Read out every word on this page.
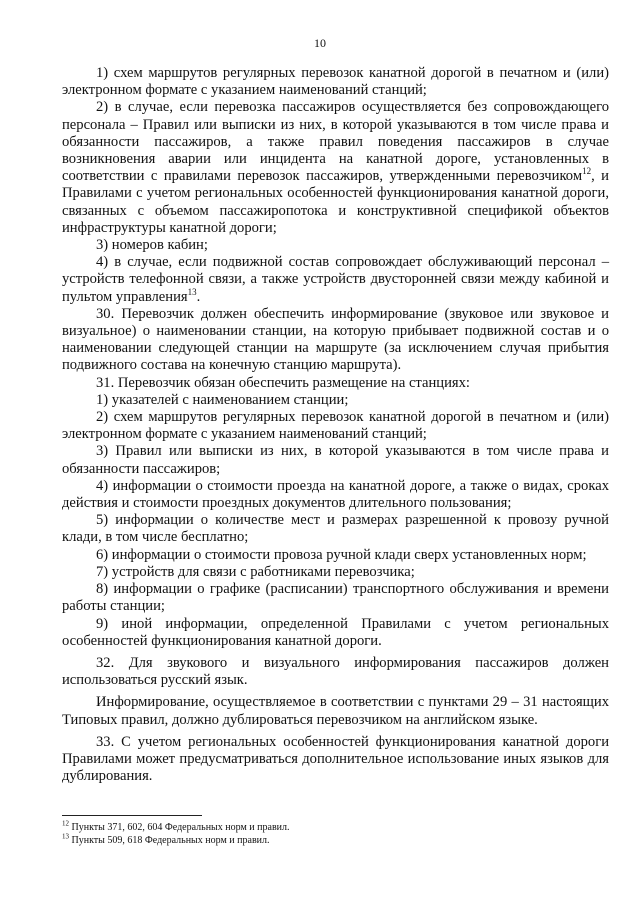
10

1) схем маршрутов регулярных перевозок канатной дорогой в печатном и (или) электронном формате с указанием наименований станций;

2) в случае, если перевозка пассажиров осуществляется без сопровождающего персонала – Правил или выписки из них, в которой указываются в том числе права и обязанности пассажиров, а также правил поведения пассажиров в случае возникновения аварии или инцидента на канатной дороге, установленных в соответствии с правилами перевозок пассажиров, утвержденными перевозчиком$^{12}$, и Правилами с учетом региональных особенностей функционирования канатной дороги, связанных с объемом пассажиропотока и конструктивной спецификой объектов инфраструктуры канатной дороги;

3) номеров кабин;

4) в случае, если подвижной состав сопровождает обслуживающий персонал – устройств телефонной связи, а также устройств двусторонней связи между кабиной и пультом управления$^{13}$.

30. Перевозчик должен обеспечить информирование (звуковое или звуковое и визуальное) о наименовании станции, на которую прибывает подвижной состав и о наименовании следующей станции на маршруте (за исключением случая прибытия подвижного состава на конечную станцию маршрута).

31. Перевозчик обязан обеспечить размещение на станциях:

1) указателей с наименованием станции;

2) схем маршрутов регулярных перевозок канатной дорогой в печатном и (или) электронном формате с указанием наименований станций;

3) Правил или выписки из них, в которой указываются в том числе права и обязанности пассажиров;

4) информации о стоимости проезда на канатной дороге, а также о видах, сроках действия и стоимости проездных документов длительного пользования;

5) информации о количестве мест и размерах разрешенной к провозу ручной клади, в том числе бесплатно;

6) информации о стоимости провоза ручной клади сверх установленных норм;

7) устройств для связи с работниками перевозчика;

8) информации о графике (расписании) транспортного обслуживания и времени работы станции;

9) иной информации, определенной Правилами с учетом региональных особенностей функционирования канатной дороги.

32. Для звукового и визуального информирования пассажиров должен использоваться русский язык.

Информирование, осуществляемое в соответствии с пунктами 29 – 31 настоящих Типовых правил, должно дублироваться перевозчиком на английском языке.

33. С учетом региональных особенностей функционирования канатной дороги Правилами может предусматриваться дополнительное использование иных языков для дублирования.

$^{12}$ Пункты 371, 602, 604 Федеральных норм и правил.

$^{13}$ Пункты 509, 618 Федеральных норм и правил.
